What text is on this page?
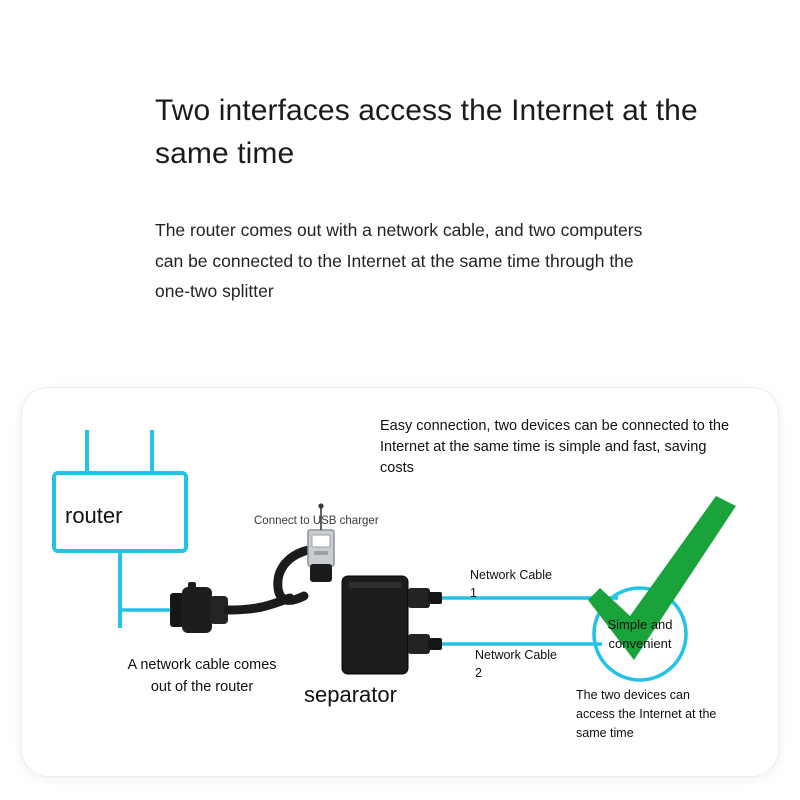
Two interfaces access the Internet at the same time

The router comes out with a network cable, and two computers can be connected to the Internet at the same time through the one-two splitter

Easy connection, two devices can be connected to the Internet at the same time is simple and fast, saving costs
router	Connect to USB charger
Network Cable 1
Network Cable 2
Simple and convenient
The two devices can access the Internet at the same time
A network cable comes out of the router	separator
